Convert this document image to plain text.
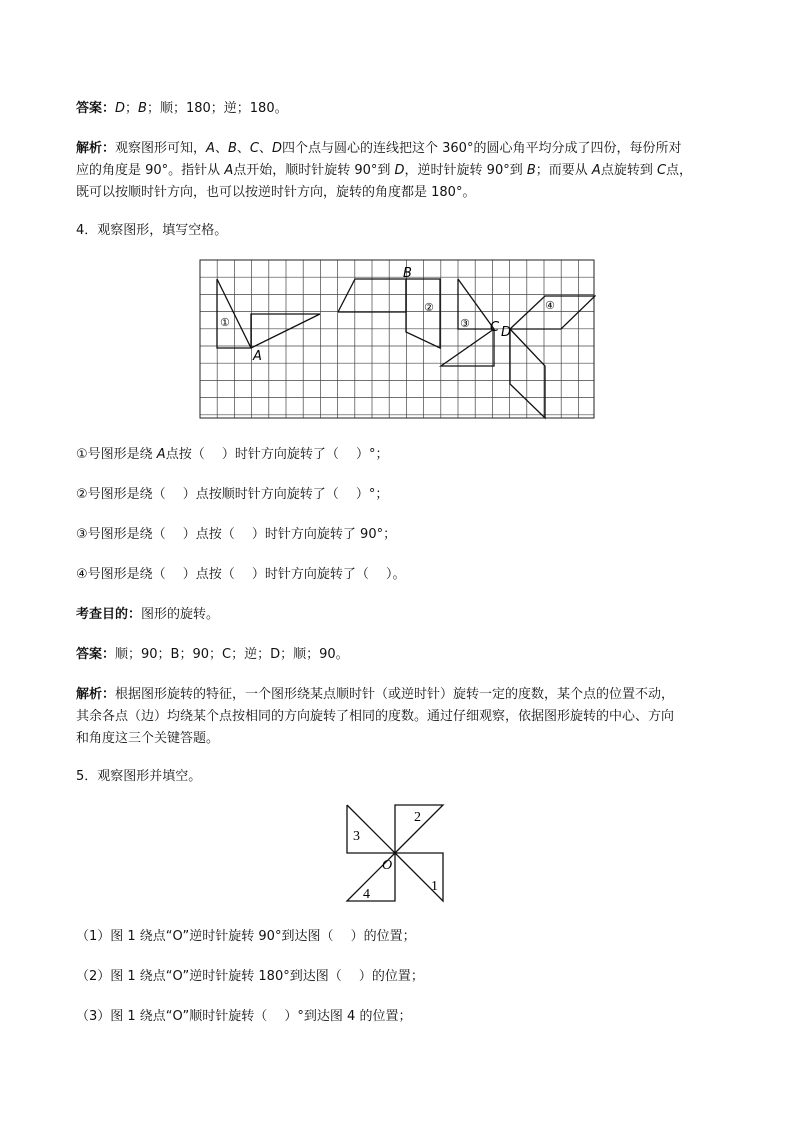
答案：D；B；顺；180；逆；180。
解析：观察图形可知，A、B、C、D四个点与圆心的连线把这个 360°的圆心角平均分成了四份，每份所对
应的角度是 90°。指针从 A点开始，顺时针旋转 90°到 D，逆时针旋转 90°到 B；而要从 A点旋转到 C点，
既可以按顺时针方向，也可以按逆时针方向，旋转的角度都是 180°。
4．观察图形，填写空格。
A
B
C D
①
②
③
④
①号图形是绕 A点按（　 ）时针方向旋转了（　 ）°；
②号图形是绕（　 ）点按顺时针方向旋转了（　 ）°；
③号图形是绕（　 ）点按（　 ）时针方向旋转了 90°；
④号图形是绕（　 ）点按（　 ）时针方向旋转了（　 ）。
考查目的：图形的旋转。
答案：顺；90；B；90；C；逆；D；顺；90。
解析：根据图形旋转的特征，一个图形绕某点顺时针（或逆时针）旋转一定的度数，某个点的位置不动，
其余各点（边）均绕某个点按相同的方向旋转了相同的度数。通过仔细观察，依据图形旋转的中心、方向
和角度这三个关键答题。
5．观察图形并填空。
3
2
1
4
O
（1）图 1 绕点“O”逆时针旋转 90°到达图（　 ）的位置；
（2）图 1 绕点“O”逆时针旋转 180°到达图（　 ）的位置；
（3）图 1 绕点“O”顺时针旋转（　 ）°到达图 4 的位置；
